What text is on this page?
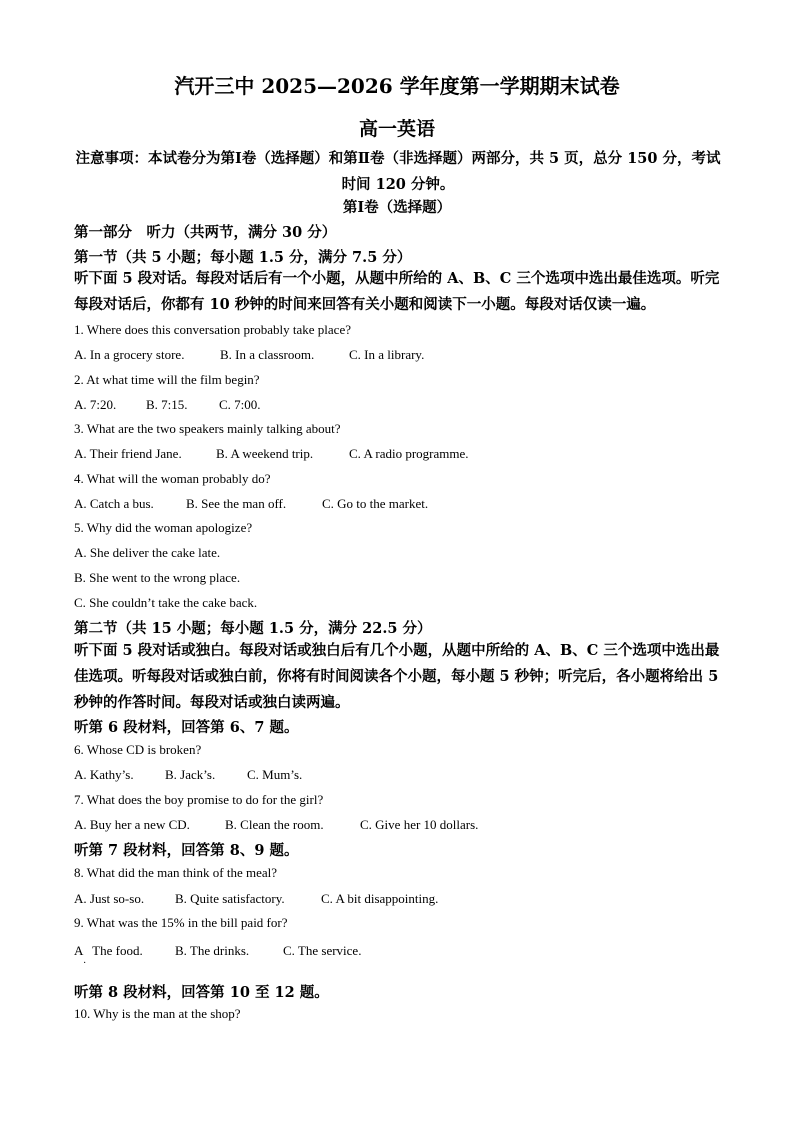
汽开三中 2025—2026 学年度第一学期期末试卷
高一英语
注意事项：本试卷分为第Ⅰ卷（选择题）和第Ⅱ卷（非选择题）两部分，共 5 页，总分 150 分，考试时间 120 分钟。
第Ⅰ卷（选择题）
第一部分　听力（共两节，满分 30 分）
第一节（共 5 小题；每小题 1.5 分，满分 7.5 分）
听下面 5 段对话。每段对话后有一个小题，从题中所给的 A、B、C 三个选项中选出最佳选项。听完每段对话后，你都有 10 秒钟的时间来回答有关小题和阅读下一小题。每段对话仅读一遍。
1. Where does this conversation probably take place?
A. In a grocery store.	B. In a classroom.	C. In a library.
2. At what time will the film begin?
A. 7:20. B. 7:15. C. 7:00.
3. What are the two speakers mainly talking about?
A. Their friend Jane.	B. A weekend trip.	C. A radio programme.
4. What will the woman probably do?
A. Catch a bus. B. See the man off.	C. Go to the market.
5. Why did the woman apologize?
A. She deliver the cake late.
B. She went to the wrong place.
C. She couldn’t take the cake back.
第二节（共 15 小题；每小题 1.5 分，满分 22.5 分）
听下面 5 段对话或独白。每段对话或独白后有几个小题，从题中所给的 A、B、C 三个选项中选出最佳选项。听每段对话或独白前，你将有时间阅读各个小题，每小题 5 秒钟；听完后，各小题将给出 5 秒钟的作答时间。每段对话或独白读两遍。
听第 6 段材料，回答第 6、7 题。
6. Whose CD is broken?
A. Kathy’s. B. Jack’s. C. Mum’s.
7. What does the boy promise to do for the girl?
A. Buy her a new CD.	B. Clean the room.	C. Give her 10 dollars.
听第 7 段材料，回答第 8、9 题。
8. What did the man think of the meal?
A. Just so-so. B. Quite satisfactory.	C. A bit disappointing.
9. What was the 15% in the bill paid for?
A   The food. B. The drinks.	C. The service.
·
听第 8 段材料，回答第 10 至 12 题。
10. Why is the man at the shop?
